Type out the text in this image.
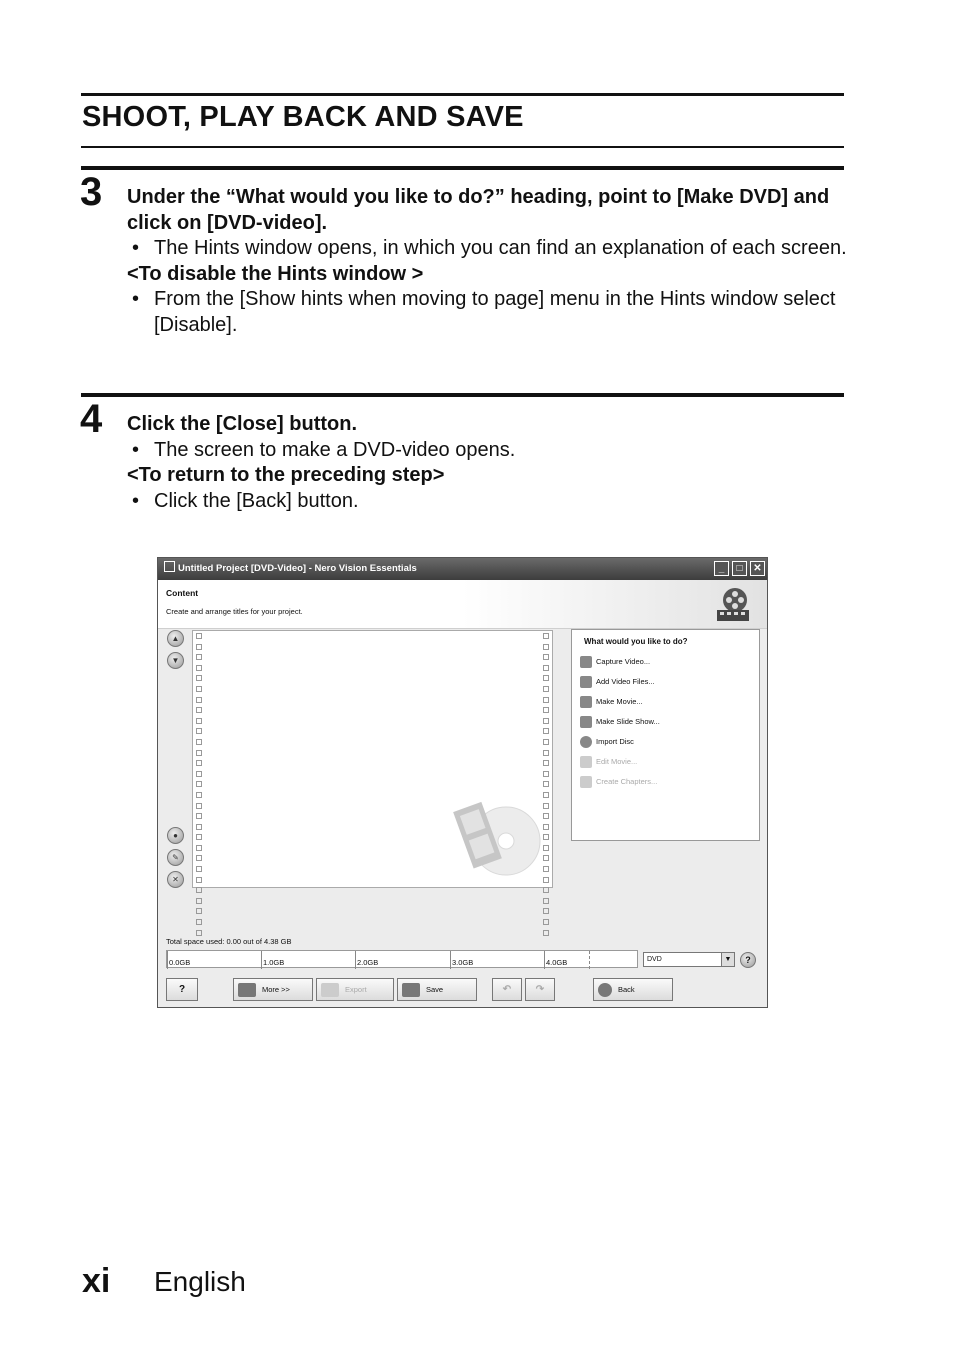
SHOOT, PLAY BACK AND SAVE
3 Under the “What would you like to do?” heading, point to [Make DVD] and click on [DVD-video].

• The Hints window opens, in which you can find an explanation of each screen.

<To disable the Hints window >

• From the [Show hints when moving to page] menu in the Hints window select [Disable].

4 Click the [Close] button.

• The screen to make a DVD-video opens.

<To return to the preceding step>

• Click the [Back] button.

Untitled Project [DVD-Video] - Nero Vision Essentials	_	□	✕
Content
Create and arrange titles for your project.
▲
▼
●
✎
✕
What would you like to do?
Capture Video...
Add Video Files...
Make Movie...
Make Slide Show...
Import Disc
Edit Movie...
Create Chapters...
Total space used: 0.00 out of 4.38 GB
0.0GB	1.0GB	2.0GB	3.0GB	4.0GB	DVD	▼	?
?	More >>	Export	Save	↶	↷	Back
xi English
